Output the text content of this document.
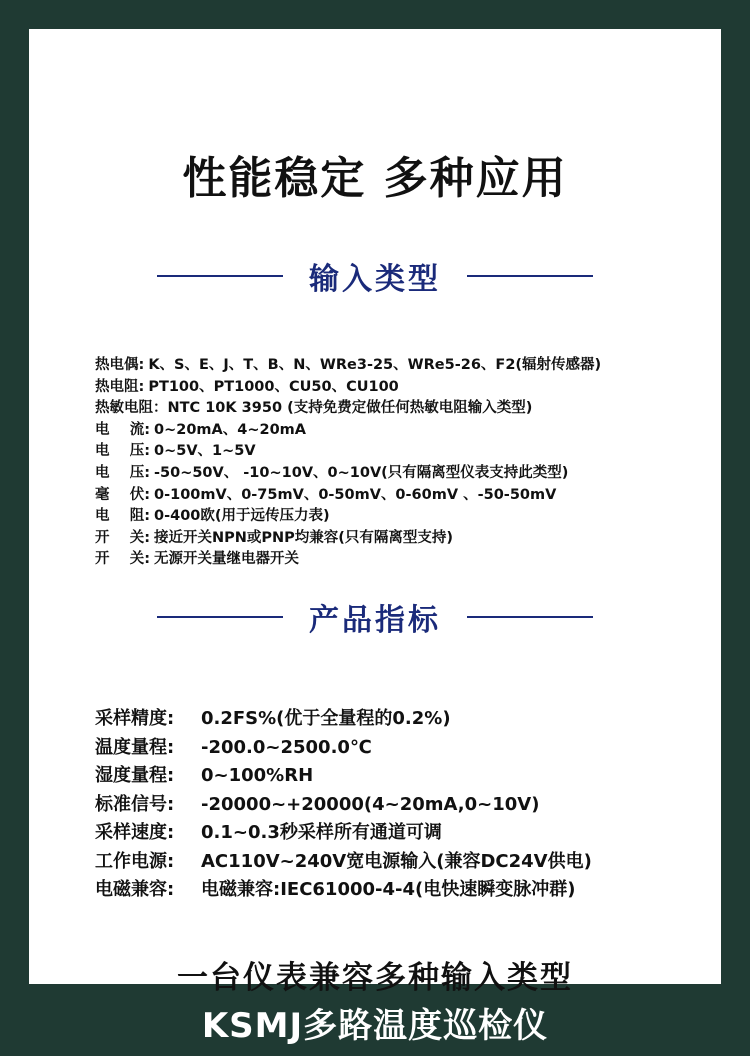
性能稳定 多种应用
输入类型
热电偶: K、S、E、J、T、B、N、WRe3-25、WRe5-26、F2(辐射传感器)
热电阻: PT100、PT1000、CU50、CU100
热敏电阻： NTC 10K 3950 (支持免费定做任何热敏电阻输入类型)
电    流: 0~20mA、4~20mA
电    压: 0~5V、1~5V
电    压: -50~50V、 -10~10V、0~10V(只有隔离型仪表支持此类型)
毫    伏: 0-100mV、0-75mV、0-50mV、0-60mV 、-50-50mV
电    阻: 0-400欧(用于远传压力表)
开    关: 接近开关NPN或PNP均兼容(只有隔离型支持)
开    关: 无源开关量继电器开关
产品指标
采样精度:	0.2FS%(优于全量程的0.2%)
温度量程:	-200.0~2500.0℃
湿度量程:	0~100%RH
标准信号:	-20000~+20000(4~20mA,0~10V)
采样速度:	0.1~0.3秒采样所有通道可调
工作电源:	AC110V~240V宽电源输入(兼容DC24V供电)
电磁兼容:	电磁兼容:IEC61000-4-4(电快速瞬变脉冲群)
一台仪表兼容多种输入类型
KSMJ多路温度巡检仪
